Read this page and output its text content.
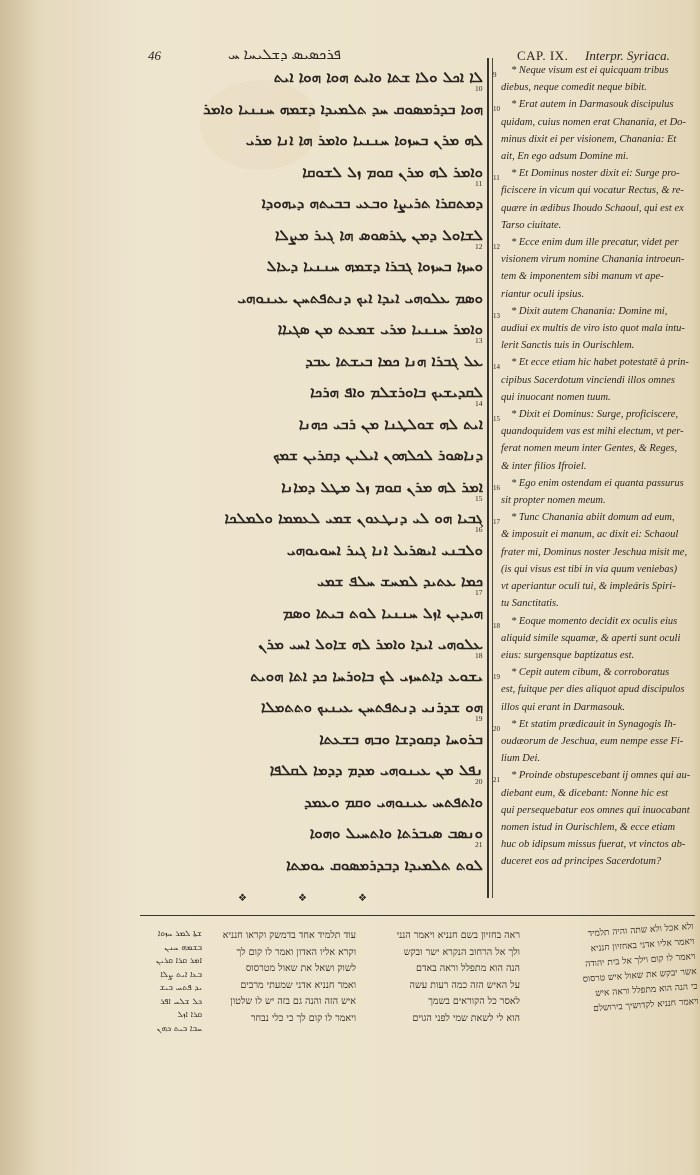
46	ܦܪܟܣܝܣ ܕܫܠܝܚܐ ܚ	CAP. IX. Interpr. Syriaca.
ܠܐ ܐܟܠ ܘܠܐ ܫܬܐ ܘܐܝܬ ܗܘܐ ܗܘܐ ܐܝܬ
ܗܘܐ ܒܕܪܡܣܘܩ ܚܕ ܬܠܡܝܕܐ ܕܫܡܗ ܚܢܢܝܐ ܘܐܡܪ
ܠܗ ܡܪܢ ܒܚܙܘܐ ܚܢܢܝܐ ܘܐܡܪ ܗܐ ܐܢܐ ܡܪܝ
ܘܐܡܪ ܠܗ ܡܪܢ ܩܘܡ ܙܠ ܠܫܘܩܐ
ܕܡܬܩܪܐ ܬܪܝܨܐ ܘܒܥܝ ܒܒܝܬܗ ܕܝܗܘܕܐ
ܠܫܐܘܠ ܕܡܢ ܛܪܣܘܣ ܗܐ ܓܝܪ ܡܨܠܐ
ܘܚܙܐ ܒܚܙܘܐ ܓܒܪܐ ܕܫܡܗ ܚܢܢܝܐ ܕܥܐܠ
ܘܣܡ ܥܠܘܗܝ ܐܝܕܐ ܐܝܟ ܕܢܬܦܬܚܢ ܥܝܢܘܗܝ
ܘܐܡܪ ܚܢܢܝܐ ܡܪܝ ܫܡܥܬ ܡܢ ܣܓܝܐܐ
ܥܠ ܓܒܪܐ ܗܢܐ ܟܡܐ ܒܝܫܬܐ ܥܒܕ
ܠܩܕܝܫܝܟ ܒܐܘܪܫܠܡ ܘܐܦ ܗܪܟܐ
ܐܝܬ ܠܗ ܫܘܠܛܢܐ ܡܢ ܪܒܝ ܟܗܢܐ
ܕܢܐܣܘܪ ܠܟܠܗܘܢ ܐܝܠܝܢ ܕܩܪܝܢ ܫܡܟ
ܐܡܪ ܠܗ ܡܪܢ ܩܘܡ ܙܠ ܡܛܠ ܕܡܐܢܐ
ܓܒܝܐ ܗܘ ܠܝ ܕܢܛܥܘܢ ܫܡܝ ܠܥܡܡܐ ܘܠܡܠܟܐ
ܘܠܒܢܝ ܐܝܣܪܝܠ ܐܢܐ ܓܝܪ ܐܚܘܝܘܗܝ
ܟܡܐ ܥܬܝܕ ܠܡܚܫ ܚܠܦ ܫܡܝ
ܗܝܕܝܢ ܐܙܠ ܚܢܢܝܐ ܠܘܬ ܒܝܬܐ ܘܣܡ
ܥܠܘܗܝ ܐܝܕܐ ܘܐܡܪ ܠܗ ܫܐܘܠ ܐܚܝ ܡܪܢ
ܝܫܘܥ ܕܐܬܚܙܝ ܠܟ ܒܐܘܪܚܐ ܟܕ ܐܬܐ ܗܘܝܬ
ܗܘ ܫܕܪܢܝ ܕܢܬܦܬܚܢ ܥܝܢܝܟ ܘܬܬܡܠܐ
ܒܪܘܚܐ ܕܩܘܕܫܐ ܘܒܗ ܒܫܥܬܐ
ܢܦܠ ܡܢ ܥܝܢܘܗܝ ܡܕܡ ܕܕܡܐ ܠܩܠܦܐ
ܘܐܬܦܬܚ ܥܝܢܘܗܝ ܘܩܡ ܘܥܡܕ
ܘܢܣܒ ܣܝܒܪܬܐ ܘܐܬܚܝܠ ܘܗܘܐ
ܠܘܬ ܬܠܡܝܕܐ ܕܒܕܪܡܣܘܩ ܝܘܡܬܐ
10
11
12
13
14
15
16
17
18
19
20
21
9	* Neque visum est ei quicquam tribus
diebus, neque comedit neque bibit.
10	* Erat autem in Darmasouk discipulus
quidam, cuius nomen erat Chanania, et Do-
minus dixit ei per visionem, Chanania: Et
ait, En ego adsum Domine mi.
11	* Et Dominus noster dixit ei: Surge pro-
ficiscere in vicum qui vocatur Rectus, & re-
quære in ædibus Ihoudo Schaoul, qui est ex
Tarso ciuitate.
12	* Ecce enim dum ille precatur, videt per
visionem virum nomine Chanania introeun-
tem & imponentem sibi manum vt ape-
riantur oculi ipsius.
13	* Dixit autem Chanania: Domine mi,
audiui ex multis de viro isto quot mala intu-
lerit Sanctis tuis in Ourischlem.
14	* Et ecce etiam hic habet potestatē à prin-
cipibus Sacerdotum vinciendi illos omnes
qui inuocant nomen tuum.
15	* Dixit ei Dominus: Surge, proficiscere,
quandoquidem vas est mihi electum, vt per-
ferat nomen meum inter Gentes, & Reges,
& inter filios Ifroiel.
16	* Ego enim ostendam ei quanta passurus
sit propter nomen meum.
17	* Tunc Chanania abiit domum ad eum,
& imposuit ei manum, ac dixit ei: Schaoul
frater mi, Dominus noster Jeschua misit me,
(is qui visus est tibi in via quum veniebas)
vt aperiantur oculi tui, & impleáris Spiri-
tu Sanctitatis.
18	* Eoque momento decidit ex oculis eius
aliquid simile squamæ, & aperti sunt oculi
eius: surgensque baptizatus est.
19	* Cepit autem cibum, & corroboratus
est, fuitque per dies aliquot apud discipulos
illos qui erant in Darmasouk.
20	* Et statim prædicauit in Synagogis Ih-
oudæorum de Jeschua, eum nempe esse Fi-
lium Dei.
21	* Proinde obstupescebant ij omnes qui au-
diebant eum, & dicebant: Nonne hic est
qui persequebatur eos omnes qui inuocabant
nomen istud in Ourischlem, & ecce etiam
huc ob idipsum missus fuerat, vt vinctos ab-
duceret eos ad principes Sacerdotum?
❖	❖	❖
ܫܬܐ ܠܡܪ ܚܙܘܐ
ܒܫܡܗ ܚܢܢ
ܐܡܪ ܩܪܐ ܩܪܝܢ
ܒܥܐ ܐܝܬ ܨܠܐ
ܝܕ ܦܬܚ ܒܝܫ
ܟܠ ܫܠܚ ܐܦܪ
ܩܪܐ ܐܙܠ
ܚܒܐ ܒܝܬ ܟܗܢ
עוד תלמיד אחד בדמשק וקראו חנניא
וקרא אליו האדון ואמר לו קום לך
לשוק ושאל את שאול מטרסוס
ואמר חנניא אדני שמעתי מרבים
איש הזה והנה גם בזה יש לו שלטון
ויאמר לו קום לך כי כלי נבחר
ראה בחזיון בשם חנניא ויאמר הנני
ולך אל הרחוב הנקרא ישר ובקש
הנה הוא מתפלל וראה באדם
על האיש הזה כמה רעות עשה
לאסר כל הקוראים בשמך
הוא לי לשאת שמי לפני הגוים
ולא אכל ולא שתה והיה תלמיד
ויאמר אליו אדני באחזיון חנניא
ויאמר לו קום וילך אל בית יהודה
אשר יבקש את שאול איש טרסוס
כי הנה הוא מתפלל וראה איש
ויאמר חנניא לקדושיך בירושלם
